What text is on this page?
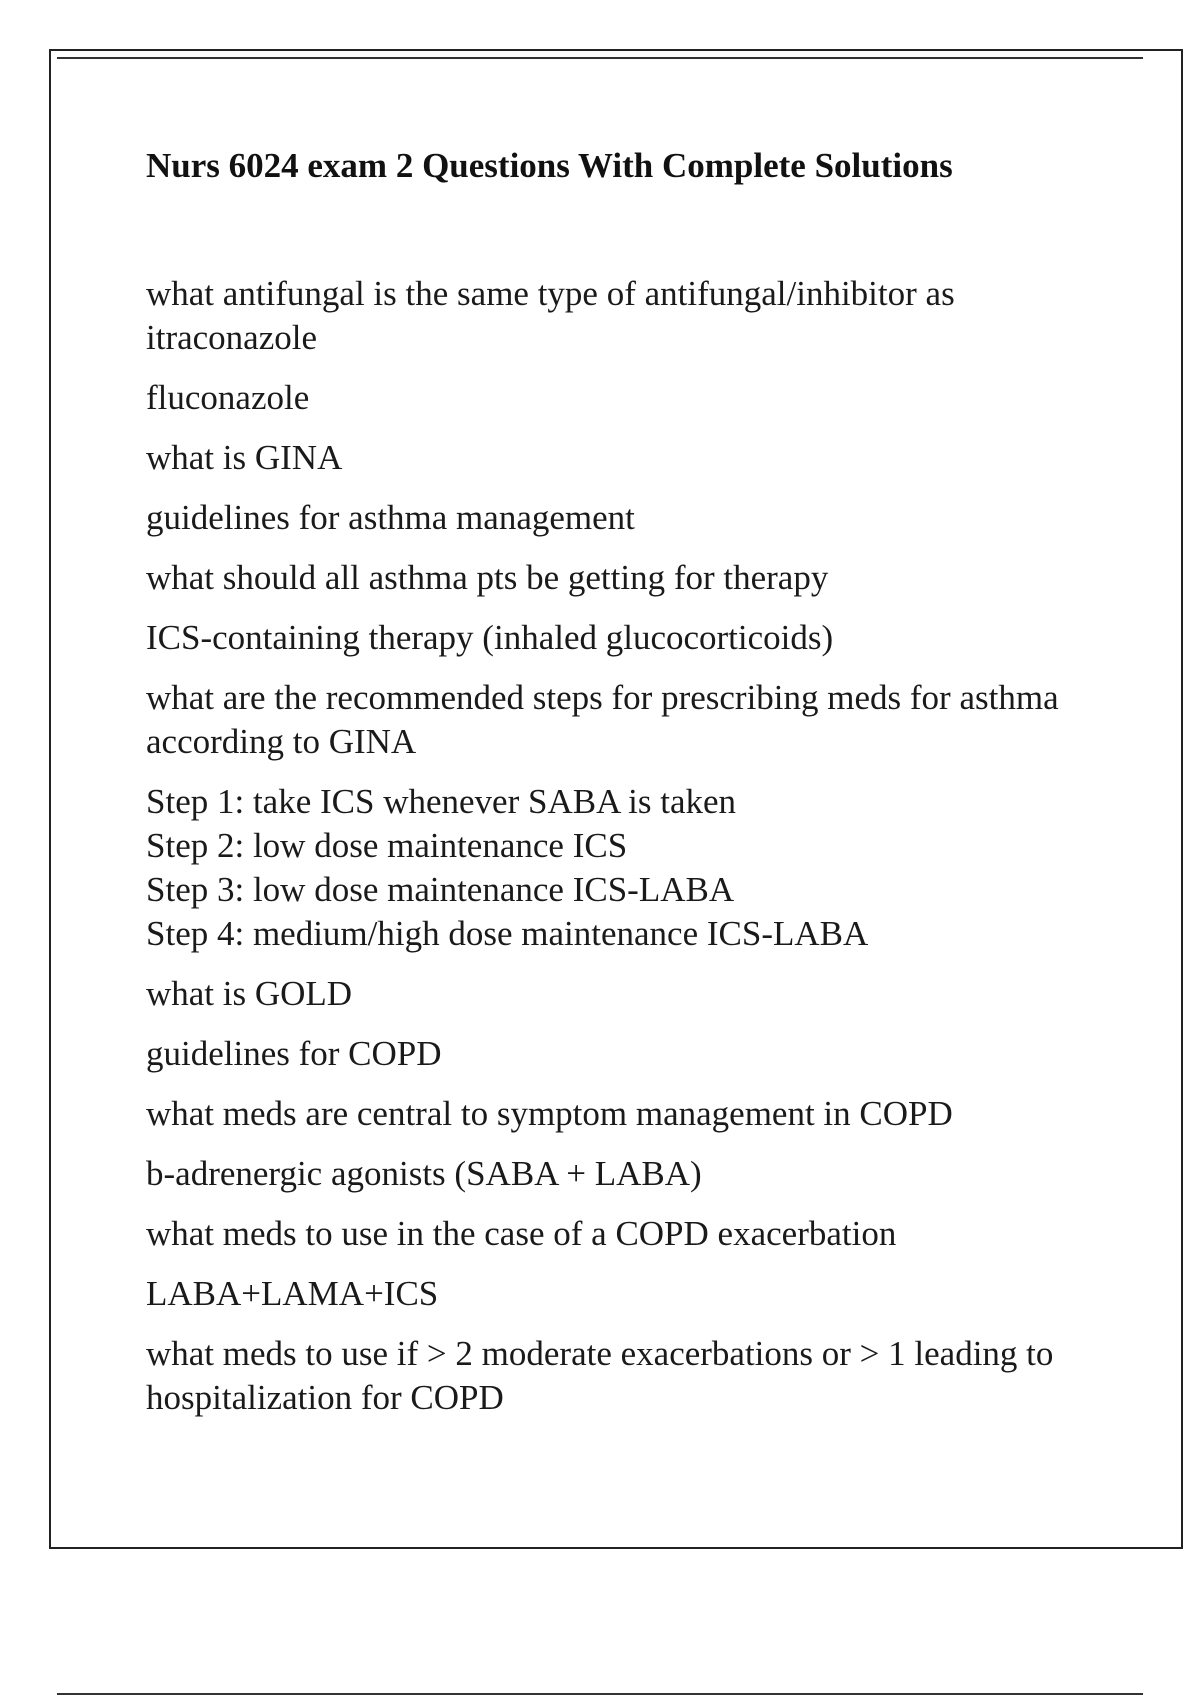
Nurs 6024 exam 2 Questions With Complete Solutions

what antifungal is the same type of antifungal/inhibitor as itraconazole

fluconazole

what is GINA

guidelines for asthma management

what should all asthma pts be getting for therapy

ICS-containing therapy (inhaled glucocorticoids)

what are the recommended steps for prescribing meds for asthma according to GINA

Step 1: take ICS whenever SABA is taken
Step 2: low dose maintenance ICS
Step 3: low dose maintenance ICS-LABA
Step 4: medium/high dose maintenance ICS-LABA

what is GOLD

guidelines for COPD

what meds are central to symptom management in COPD

b-adrenergic agonists (SABA + LABA)

what meds to use in the case of a COPD exacerbation

LABA+LAMA+ICS

what meds to use if > 2 moderate exacerbations or > 1 leading to hospitalization for COPD
